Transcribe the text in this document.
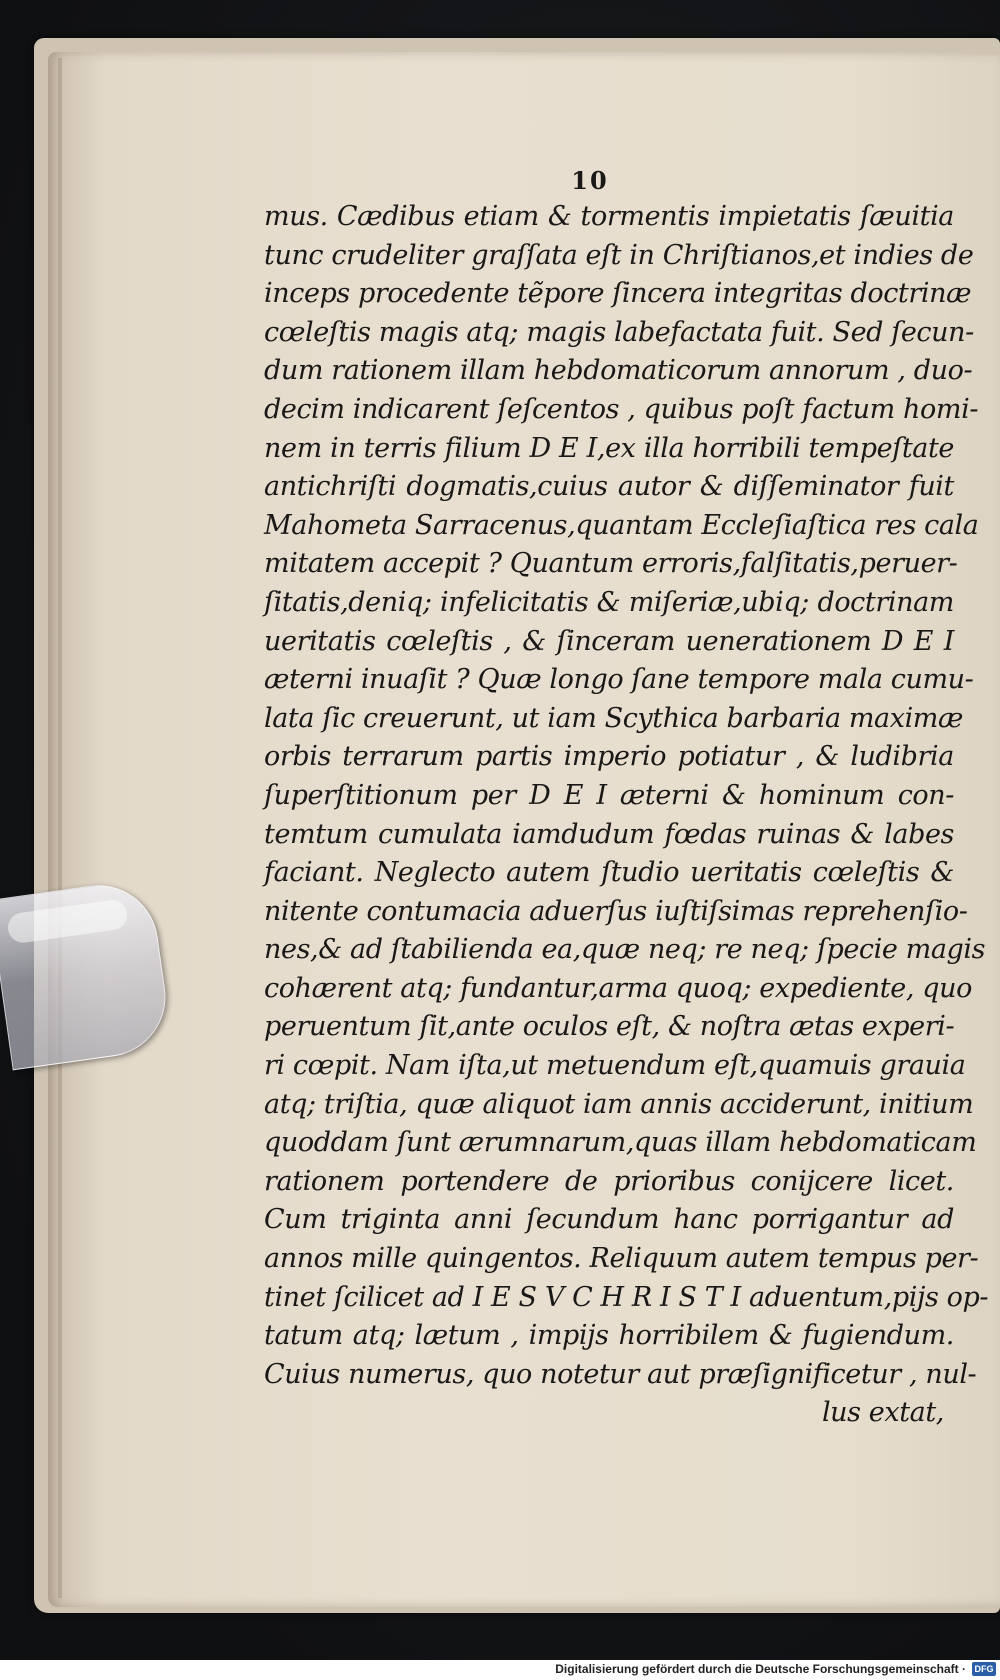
10
mus. Cædibus etiam & tormentis impietatis ſæuitia
tunc crudeliter graſſata eſt in Chriſtianos,et indies de
inceps procedente tẽpore ſincera integritas doctrinæ
cœleſtis magis atq; magis labefactata fuit. Sed ſecun-
dum rationem illam hebdomaticorum annorum , duo-
decim indicarent ſeſcentos , quibus poſt factum homi-
nem in terris filium D E I,ex illa horribili tempeſtate
antichriſti dogmatis,cuius autor & diſſeminator fuit
Mahometa Sarracenus,quantam Eccleſiaſtica res cala
mitatem accepit ? Quantum erroris,falſitatis,peruer-
ſitatis,deniq; infelicitatis & miſeriæ,ubiq; doctrinam
ueritatis cœleſtis , & ſinceram uenerationem D E I
æterni inuaſit ? Quæ longo ſane tempore mala cumu-
lata ſic creuerunt, ut iam Scythica barbaria maximæ
orbis terrarum partis imperio potiatur , & ludibria
ſuperſtitionum per D E I æterni & hominum con-
temtum cumulata iamdudum fœdas ruinas & labes
faciant. Neglecto autem ſtudio ueritatis cœleſtis &
nitente contumacia aduerſus iuſtiſsimas reprehenſio-
nes,& ad ſtabilienda ea,quæ neq; re neq; ſpecie magis
cohærent atq; fundantur,arma quoq; expediente, quo
peruentum ſit,ante oculos eſt, & noſtra ætas experi-
ri cœpit. Nam iſta,ut metuendum eſt,quamuis grauia
atq; triſtia, quæ aliquot iam annis acciderunt, initium
quoddam ſunt ærumnarum,quas illam hebdomaticam
rationem portendere de prioribus conijcere licet.
Cum triginta anni ſecundum hanc porrigantur ad
annos mille quingentos. Reliquum autem tempus per-
tinet ſcilicet ad I E S V C H R I S T I aduentum,pijs op-
tatum atq; lætum , impijs horribilem & fugiendum.
Cuius numerus, quo notetur aut præſignificetur , nul-
lus extat,
Digitalisierung gefördert durch die Deutsche Forschungsgemeinschaft · DFG
